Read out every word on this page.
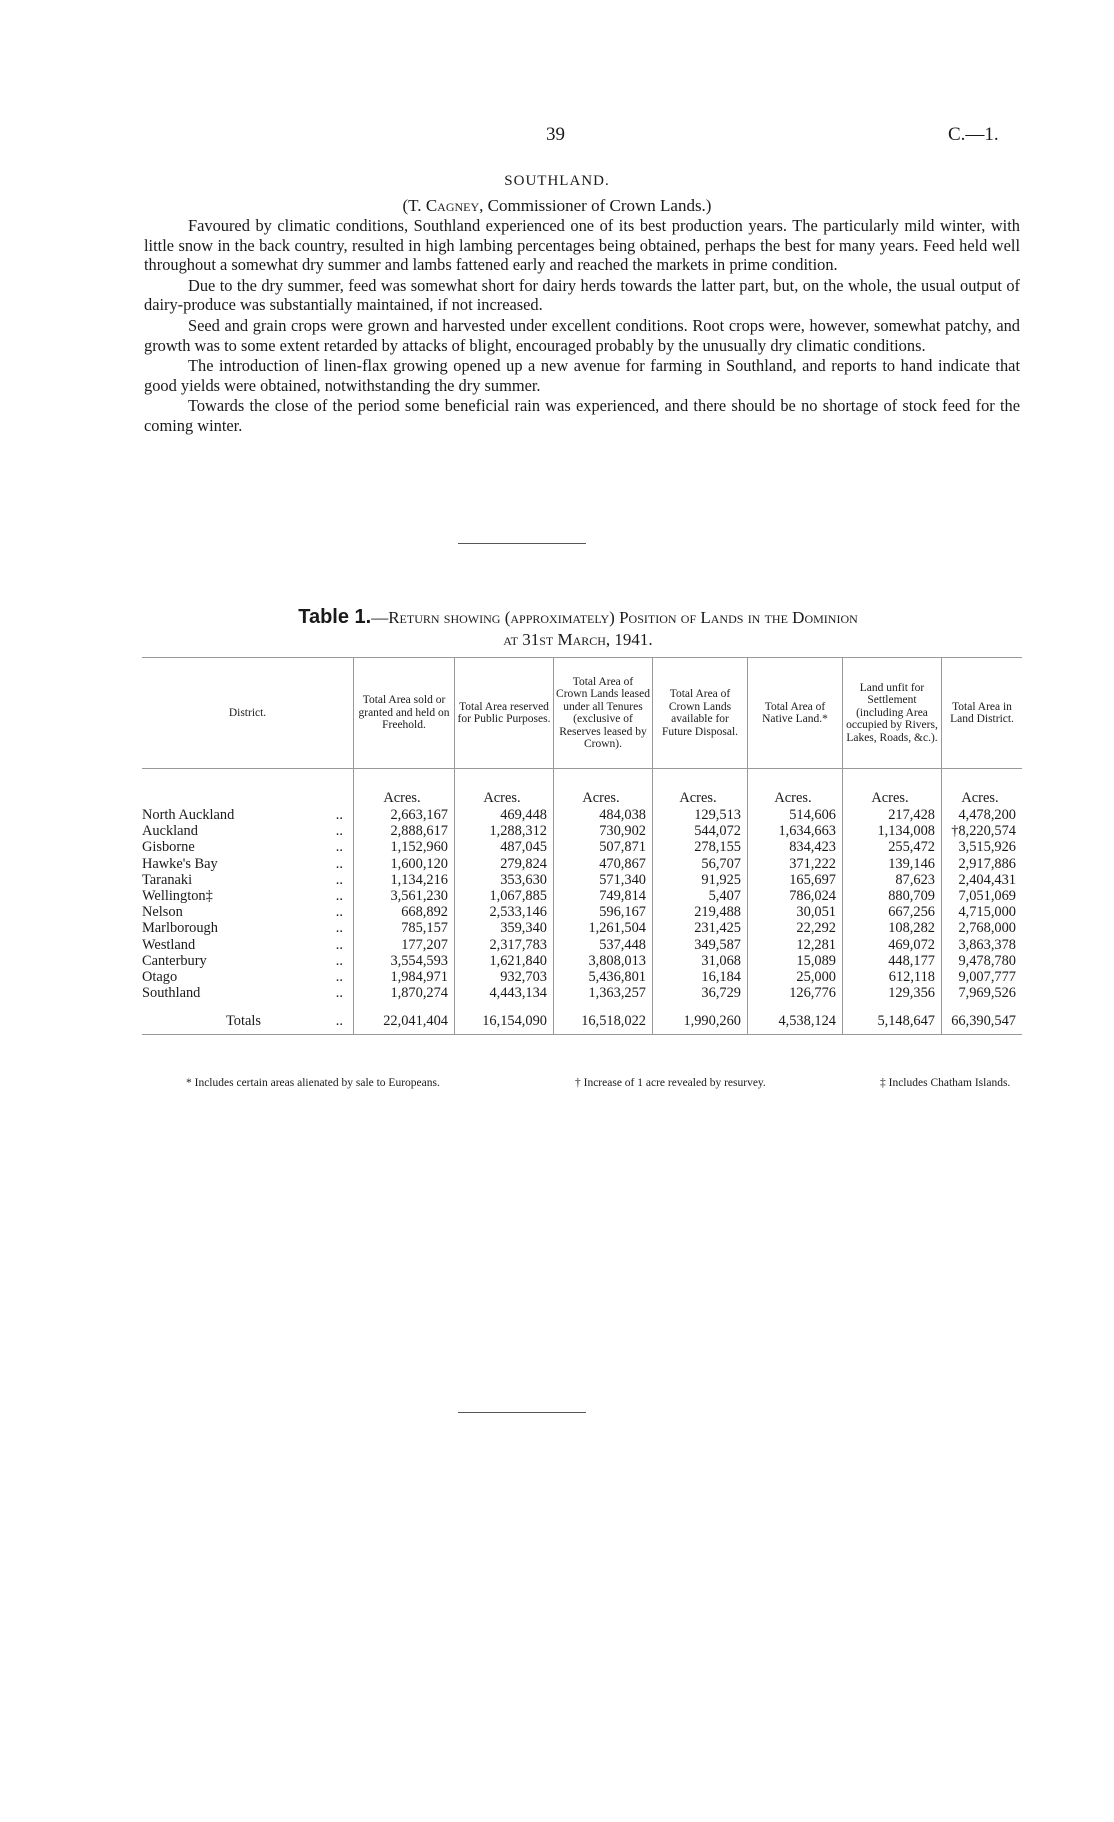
39	C.—1.
SOUTHLAND.
(T. Cagney, Commissioner of Crown Lands.)

Favoured by climatic conditions, Southland experienced one of its best production years. The particularly mild winter, with little snow in the back country, resulted in high lambing percentages being obtained, perhaps the best for many years. Feed held well throughout a somewhat dry summer and lambs fattened early and reached the markets in prime condition.

Due to the dry summer, feed was somewhat short for dairy herds towards the latter part, but, on the whole, the usual output of dairy-produce was substantially maintained, if not increased.

Seed and grain crops were grown and harvested under excellent conditions. Root crops were, however, somewhat patchy, and growth was to some extent retarded by attacks of blight, encouraged probably by the unusually dry climatic conditions.

The introduction of linen-flax growing opened up a new avenue for farming in Southland, and reports to hand indicate that good yields were obtained, notwithstanding the dry summer.

Towards the close of the period some beneficial rain was experienced, and there should be no shortage of stock feed for the coming winter.

Table 1.—Return showing (approximately) Position of Lands in the Dominion
at 31st March, 1941.
District.		Total Area sold or granted and held on Freehold.	Total Area reserved for Public Purposes.	Total Area of Crown Lands leased under all Tenures (exclusive of Reserves leased by Crown).	Total Area of Crown Lands available for Future Disposal.	Total Area of Native Land.*	Land unfit for Settlement (including Area occupied by Rivers, Lakes, Roads, &c.).	Total Area in Land District.
		Acres.	Acres.	Acres.	Acres.	Acres.	Acres.	Acres.
North Auckland	..	2,663,167	469,448	484,038	129,513	514,606	217,428	4,478,200
Auckland	..	2,888,617	1,288,312	730,902	544,072	1,634,663	1,134,008	†8,220,574
Gisborne	..	1,152,960	487,045	507,871	278,155	834,423	255,472	3,515,926
Hawke's Bay	..	1,600,120	279,824	470,867	56,707	371,222	139,146	2,917,886
Taranaki	..	1,134,216	353,630	571,340	91,925	165,697	87,623	2,404,431
Wellington‡	..	3,561,230	1,067,885	749,814	5,407	786,024	880,709	7,051,069
Nelson	..	668,892	2,533,146	596,167	219,488	30,051	667,256	4,715,000
Marlborough	..	785,157	359,340	1,261,504	231,425	22,292	108,282	2,768,000
Westland	..	177,207	2,317,783	537,448	349,587	12,281	469,072	3,863,378
Canterbury	..	3,554,593	1,621,840	3,808,013	31,068	15,089	448,177	9,478,780
Otago	..	1,984,971	932,703	5,436,801	16,184	25,000	612,118	9,007,777
Southland	..	1,870,274	4,443,134	1,363,257	36,729	126,776	129,356	7,969,526
Totals	..	22,041,404	16,154,090	16,518,022	1,990,260	4,538,124	5,148,647	66,390,547
* Includes certain areas alienated by sale to Europeans.	† Increase of 1 acre revealed by resurvey.	‡ Includes Chatham Islands.
